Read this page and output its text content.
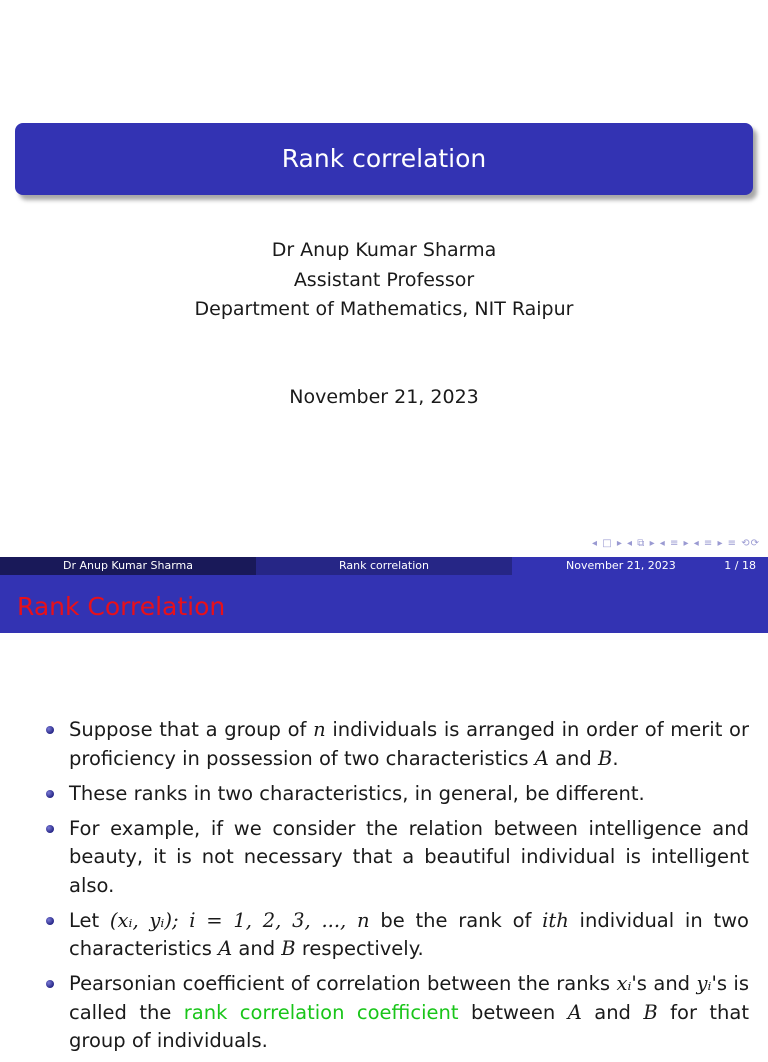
Rank correlation
Dr Anup Kumar Sharma
Assistant Professor
Department of Mathematics, NIT Raipur
November 21, 2023
◂ □ ▸ ◂ ⧉ ▸ ◂ ≡ ▸ ◂ ≡ ▸ ≡ ⟲⟳
Dr Anup Kumar Sharma	Rank correlation	November 21, 2023	1 / 18
Rank Correlation
Suppose that a group of n individuals is arranged in order of merit or proficiency in possession of two characteristics A and B.
These ranks in two characteristics, in general, be different.
For example, if we consider the relation between intelligence and beauty, it is not necessary that a beautiful individual is intelligent also.
Let (xᵢ, yᵢ); i = 1, 2, 3, ..., n be the rank of ith individual in two characteristics A and B respectively.
Pearsonian coefficient of correlation between the ranks xᵢ's and yᵢ's is called the rank correlation coefficient between A and B for that group of individuals.
